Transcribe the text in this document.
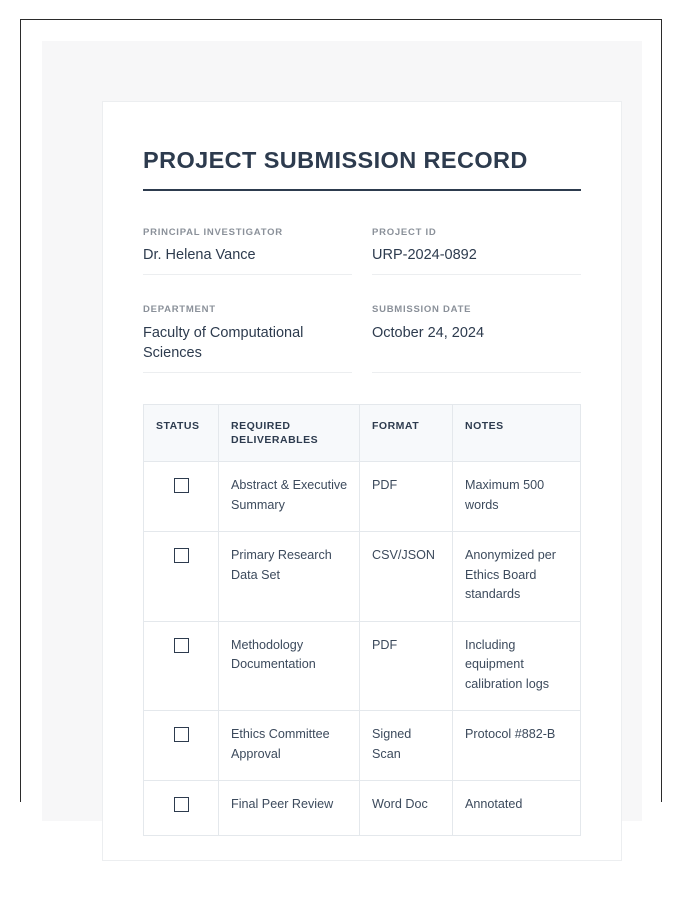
PROJECT SUBMISSION RECORD
PRINCIPAL INVESTIGATOR
Dr. Helena Vance
PROJECT ID
URP-2024-0892
DEPARTMENT
Faculty of Computational Sciences
SUBMISSION DATE
October 24, 2024
STATUS	REQUIRED DELIVERABLES	FORMAT	NOTES
	Abstract & Executive Summary	PDF	Maximum 500 words
	Primary Research Data Set	CSV/JSON	Anonymized per Ethics Board standards
	Methodology Documentation	PDF	Including equipment calibration logs
	Ethics Committee Approval	Signed Scan	Protocol #882-B
	Final Peer Review	Word Doc	Annotated
